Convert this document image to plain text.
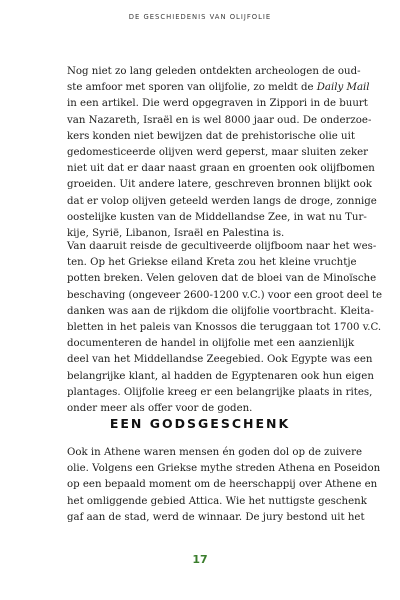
DE GESCHIEDENIS VAN OLIJFOLIE
Nog niet zo lang geleden ontdekten archeologen de oud-
ste amfoor met sporen van olijfolie, zo meldt de Daily Mail
in een artikel. Die werd opgegraven in Zippori in de buurt
van Nazareth, Israël en is wel 8000 jaar oud. De onderzoe-
kers konden niet bewijzen dat de prehistorische olie uit
gedomesticeerde olijven werd geperst, maar sluiten zeker
niet uit dat er daar naast graan en groenten ook olijfbomen
groeiden. Uit andere latere, geschreven bronnen blijkt ook
dat er volop olijven geteeld werden langs de droge, zonnige
oostelijke kusten van de Middellandse Zee, in wat nu Tur-
kije, Syrië, Libanon, Israël en Palestina is.
Van daaruit reisde de gecultiveerde olijfboom naar het wes-
ten. Op het Griekse eiland Kreta zou het kleine vruchtje
potten breken. Velen geloven dat de bloei van de Minoïsche
beschaving (ongeveer 2600-1200 v.C.) voor een groot deel te
danken was aan de rijkdom die olijfolie voortbracht. Kleita-
bletten in het paleis van Knossos die teruggaan tot 1700 v.C.
documenteren de handel in olijfolie met een aanzienlijk
deel van het Middellandse Zeegebied. Ook Egypte was een
belangrijke klant, al hadden de Egyptenaren ook hun eigen
plantages. Olijfolie kreeg er een belangrijke plaats in rites,
onder meer als offer voor de goden.
EEN GODSGESCHENK
Ook in Athene waren mensen én goden dol op de zuivere
olie. Volgens een Griekse mythe streden Athena en Poseidon
op een bepaald moment om de heerschappij over Athene en
het omliggende gebied Attica. Wie het nuttigste geschenk
gaf aan de stad, werd de winnaar. De jury bestond uit het
17
